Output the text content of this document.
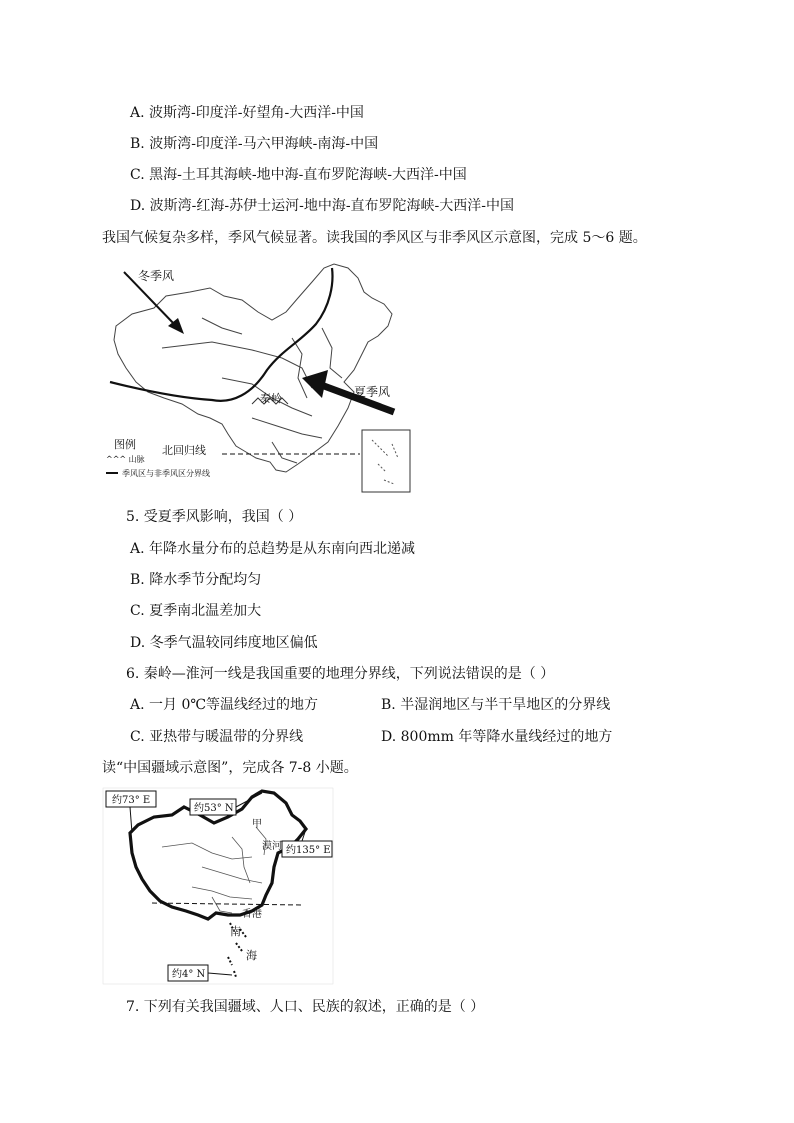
A. 波斯湾-印度洋-好望角-大西洋-中国
B. 波斯湾-印度洋-马六甲海峡-南海-中国
C. 黑海-土耳其海峡-地中海-直布罗陀海峡-大西洋-中国
D. 波斯湾-红海-苏伊士运河-地中海-直布罗陀海峡-大西洋-中国
我国气候复杂多样，季风气候显著。读我国的季风区与非季风区示意图，完成 5～6 题。
冬季风
夏季风
秦岭
北回归线
图例
^^^ 山脉
季风区与非季风区分界线
5. 受夏季风影响，我国（ ）
A. 年降水量分布的总趋势是从东南向西北递减
B. 降水季节分配均匀
C. 夏季南北温差加大
D. 冬季气温较同纬度地区偏低
6. 秦岭—淮河一线是我国重要的地理分界线，下列说法错误的是（ ）
A. 一月 0℃等温线经过的地方	B. 半湿润地区与半干旱地区的分界线
C. 亚热带与暖温带的分界线	D. 800mm 年等降水量线经过的地方
读“中国疆域示意图”，完成各 7-8 小题。
南
海
香港
甲
漠河
约73° E
约53° N
约135° E
约4° N
7. 下列有关我国疆域、人口、民族的叙述，正确的是（ ）
